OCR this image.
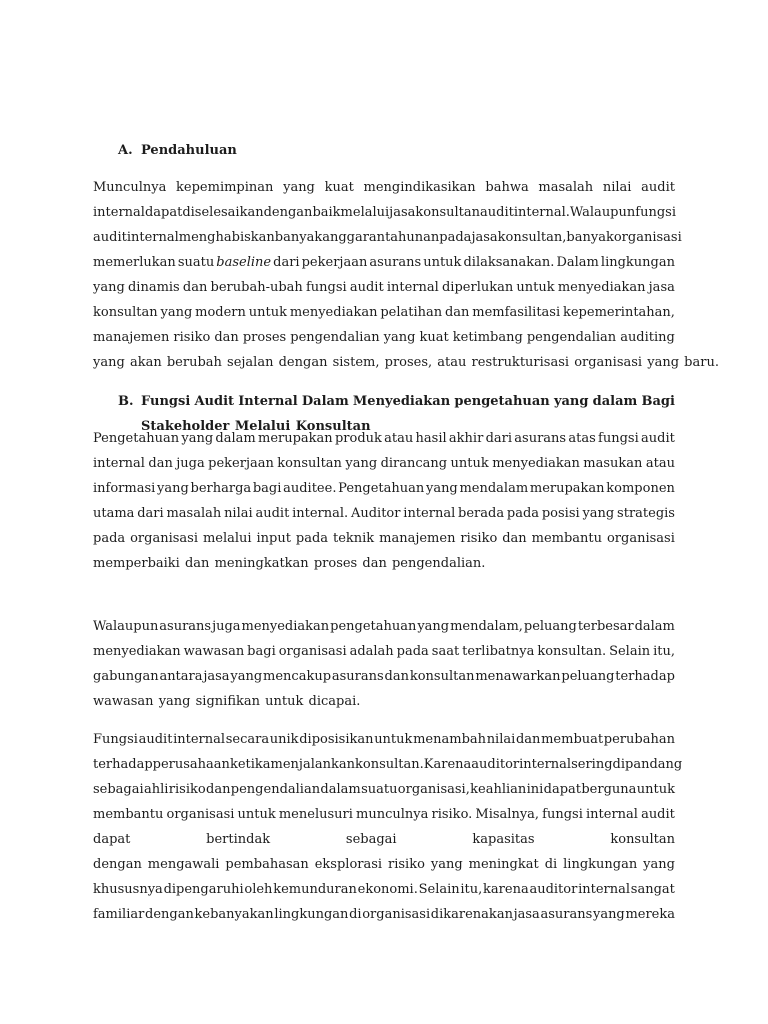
A. Pendahuluan
Munculnya kepemimpinan yang kuat mengindikasikan bahwa masalah nilai audit
internaldapat diselesaikan dengan baik melalui jasa konsultan audit internal. Walaupun fungsi
audit internal menghabiskan banyak anggaran tahunan pada jasa konsultan, banyak organisasi
memerlukan suatu baseline dari pekerjaan asurans untuk dilaksanakan. Dalam lingkungan
yang dinamis dan berubah-ubah fungsi audit internal diperlukan untuk menyediakan jasa
konsultan yang modern untuk menyediakan pelatihan dan memfasilitasi kepemerintahan,
manajemen risiko dan proses pengendalian yang kuat ketimbang pengendalian auditing
yang
akan
berubah
sejalan
dengan
sistem,
proses,
atau
restrukturisasi
organisasi
yang
baru.
B. Fungsi Audit Internal Dalam Menyediakan pengetahuan yang dalam Bagi
Stakeholder
Melalui
Konsultan
Pengetahuan yang dalam merupakan produk atau hasil akhir dari asurans atas fungsi audit
internal dan juga pekerjaan konsultan yang dirancang untuk menyediakan masukan atau
informasi yang berharga bagi auditee. Pengetahuan yang mendalam merupakan komponen
utama dari masalah nilai audit internal. Auditor internal berada pada posisi yang strategis
pada organisasi melalui input pada teknik manajemen risiko dan membantu organisasi
memperbaiki
dan
meningkatkan
proses
dan
pengendalian.
Walaupun asurans juga menyediakan pengetahuan yang mendalam, peluang terbesar dalam
menyediakan wawasan bagi organisasi adalah pada saat terlibatnya konsultan. Selain itu,
gabungan antara jasa yang mencakup asurans dan konsultan menawarkan peluang terhadap
wawasan
yang
signifikan
untuk
dicapai.
Fungsi audit internal secara unik diposisikan untuk menambah nilai dan membuat perubahan
terhadap perusahaan ketika menjalankan konsultan. Karena auditor internal sering dipandang
sebagai ahli risiko dan pengendalian dalam suatu organisasi, keahlian ini dapat berguna untuk
membantu organisasi untuk menelusuri munculnya risiko. Misalnya, fungsi internal audit
dapat	bertindak	sebagai	kapasitas	konsultan
dengan mengawali pembahasan eksplorasi risiko yang meningkat di lingkungan yang
khususnya dipengaruhi oleh kemunduran ekonomi. Selain itu, karena auditor internal sangat
familiar dengan kebanyakan lingkungan di organisasi dikarenakan jasa asurans yang mereka
